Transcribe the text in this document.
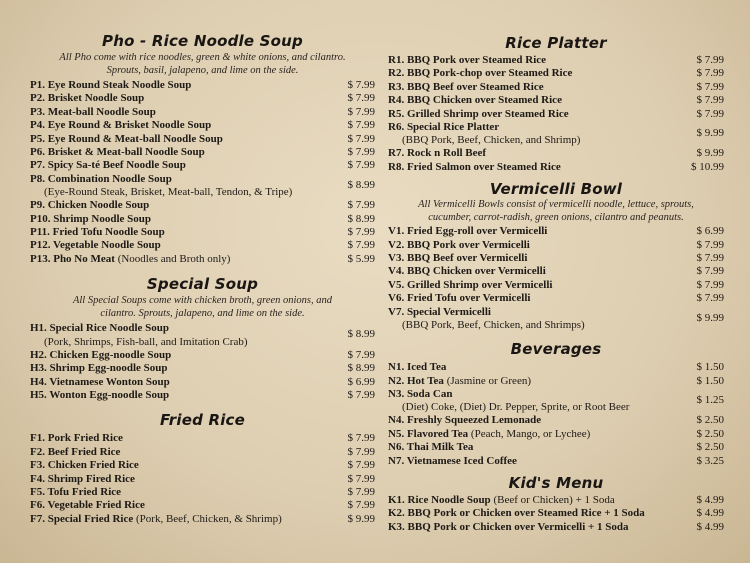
Pho - Rice Noodle Soup
All Pho come with rice noodles, green & white onions, and cilantro.
Sprouts, basil, jalapeno, and lime on the side.
P1. Eye Round Steak Noodle Soup	$ 7.99
P2. Brisket Noodle Soup	$ 7.99
P3. Meat-ball Noodle Soup	$ 7.99
P4. Eye Round & Brisket Noodle Soup	$ 7.99
P5. Eye Round & Meat-ball Noodle Soup	$ 7.99
P6. Brisket & Meat-ball Noodle Soup	$ 7.99
P7. Spicy Sa-té Beef Noodle Soup	$ 7.99
P8. Combination Noodle Soup	$ 8.99
(Eye-Round Steak, Brisket, Meat-ball, Tendon, & Tripe)
P9. Chicken Noodle Soup	$ 7.99
P10. Shrimp Noodle Soup	$ 8.99
P11. Fried Tofu Noodle Soup	$ 7.99
P12. Vegetable Noodle Soup	$ 7.99
P13. Pho No Meat (Noodles and Broth only)	$ 5.99
Special Soup
All Special Soups come with chicken broth, green onions, and
cilantro. Sprouts, jalapeno, and lime on the side.
H1. Special Rice Noodle Soup	$ 8.99
(Pork, Shrimps, Fish-ball, and Imitation Crab)
H2. Chicken Egg-noodle Soup	$ 7.99
H3. Shrimp Egg-noodle Soup	$ 8.99
H4. Vietnamese Wonton Soup	$ 6.99
H5. Wonton Egg-noodle Soup	$ 7.99
Fried Rice
F1. Pork Fried Rice	$ 7.99
F2. Beef Fried Rice	$ 7.99
F3. Chicken Fried Rice	$ 7.99
F4. Shrimp Fired Rice	$ 7.99
F5. Tofu Fried Rice	$ 7.99
F6. Vegetable Fried Rice	$ 7.99
F7. Special Fried Rice (Pork, Beef, Chicken, & Shrimp)	$ 9.99
Rice Platter
R1. BBQ Pork over Steamed Rice	$ 7.99
R2. BBQ Pork-chop over Steamed Rice	$ 7.99
R3. BBQ Beef over Steamed Rice	$ 7.99
R4. BBQ Chicken over Steamed Rice	$ 7.99
R5. Grilled Shrimp over Steamed Rice	$ 7.99
R6. Special Rice Platter	$ 9.99
(BBQ Pork, Beef, Chicken, and Shrimp)
R7. Rock n Roll Beef	$ 9.99
R8. Fried Salmon over Steamed Rice	$ 10.99
Vermicelli Bowl
All Vermicelli Bowls consist of vermicelli noodle, lettuce, sprouts,
cucumber, carrot-radish, green onions, cilantro and peanuts.
V1. Fried Egg-roll over Vermicelli	$ 6.99
V2. BBQ Pork over Vermicelli	$ 7.99
V3. BBQ Beef over Vermicelli	$ 7.99
V4. BBQ Chicken over Vermicelli	$ 7.99
V5. Grilled Shrimp over Vermicelli	$ 7.99
V6. Fried Tofu over Vermicelli	$ 7.99
V7. Special Vermicelli	$ 9.99
(BBQ Pork, Beef, Chicken, and Shrimps)
Beverages
N1. Iced Tea	$ 1.50
N2. Hot Tea (Jasmine or Green)	$ 1.50
N3. Soda Can	$ 1.25
(Diet) Coke, (Diet) Dr. Pepper, Sprite, or Root Beer
N4. Freshly Squeezed Lemonade	$ 2.50
N5. Flavored Tea (Peach, Mango, or Lychee)	$ 2.50
N6. Thai Milk Tea	$ 2.50
N7. Vietnamese Iced Coffee	$ 3.25
Kid's Menu
K1. Rice Noodle Soup (Beef or Chicken) + 1 Soda	$ 4.99
K2. BBQ Pork or Chicken over Steamed Rice + 1 Soda	$ 4.99
K3. BBQ Pork or Chicken over Vermicelli + 1 Soda	$ 4.99
